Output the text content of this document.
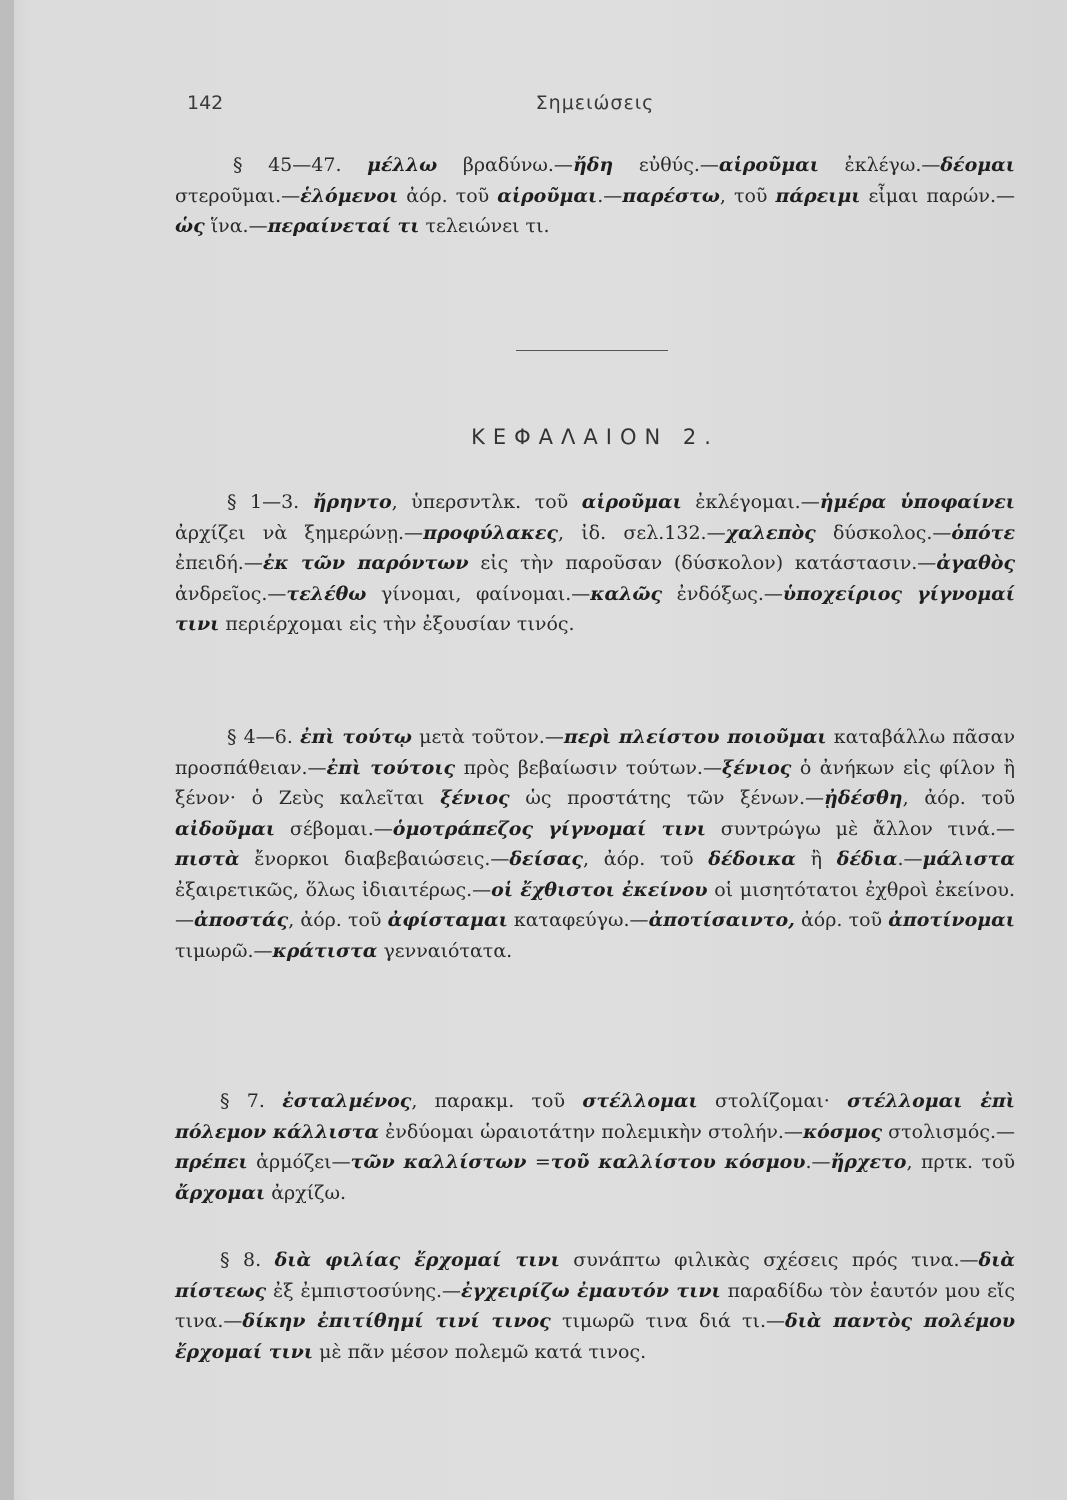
142	Σημειώσεις
§ 45—47. μέλλω βραδύνω.—ἤδη εὐθύς.—αἱροῦμαι ἐκλέγω.—δέομαι στεροῦμαι.—ἑλόμενοι ἀόρ. τοῦ αἱροῦμαι.—παρέστω, τοῦ πάρειμι εἶμαι παρών.—ὡς ἵνα.—περαίνεταί τι τελειώνει τι.
ΚΕΦΑΛΑΙΟΝ 2.
§ 1—3. ἤρηντο, ὑπερσντλκ. τοῦ αἱροῦμαι ἐκλέγομαι.—ἡμέρα ὑποφαίνει ἀρχίζει νὰ ξημερώνῃ.—προφύλακες, ἰδ. σελ.132.—χαλεπὸς δύσκολος.—ὁπότε ἐπειδή.—ἐκ τῶν παρόντων εἰς τὴν παροῦσαν (δύσκολον) κατάστασιν.—ἀγαθὸς ἀνδρεῖος.—τελέθω γίνομαι, φαίνομαι.—καλῶς ἐνδόξως.—ὑποχείριος γίγνομαί τινι περιέρχομαι εἰς τὴν ἐξουσίαν τινός.
§ 4—6. ἐπὶ τούτῳ μετὰ τοῦτον.—περὶ πλείστου ποιοῦμαι καταβάλλω πᾶσαν προσπάθειαν.—ἐπὶ τούτοις πρὸς βεβαίωσιν τούτων.—ξένιος ὁ ἀνήκων εἰς φίλον ἢ ξένον· ὁ Ζεὺς καλεῖται ξένιος ὡς προστάτης τῶν ξένων.—ᾐδέσθη, ἀόρ. τοῦ αἰδοῦμαι σέβομαι.—ὁμοτράπεζος γίγνομαί τινι συντρώγω μὲ ἄλλον τινά.—πιστὰ ἔνορκοι διαβεβαιώσεις.—δείσας, ἀόρ. τοῦ δέδοικα ἢ δέδια.—μάλιστα ἐξαιρετικῶς, ὅλως ἰδιαιτέρως.—οἱ ἔχθιστοι ἐκείνου οἱ μισητότατοι ἐχθροὶ ἐκείνου.—ἀποστάς, ἀόρ. τοῦ ἀφίσταμαι καταφεύγω.—ἀποτίσαιντο, ἀόρ. τοῦ ἀποτίνομαι τιμωρῶ.—κράτιστα γενναιότατα.
§ 7. ἐσταλμένος, παρακμ. τοῦ στέλλομαι στολίζομαι· στέλλομαι ἐπὶ πόλεμον κάλλιστα ἐνδύομαι ὡραιοτάτην πολεμικὴν στολήν.—κόσμος στολισμός.—πρέπει ἁρμόζει—τῶν καλλίστων =τοῦ καλλίστου κόσμου.—ἤρχετο, πρτκ. τοῦ ἄρχομαι ἀρχίζω.
§ 8. διὰ φιλίας ἔρχομαί τινι συνάπτω φιλικὰς σχέσεις πρός τινα.—διὰ πίστεως ἐξ ἐμπιστοσύνης.—ἐγχειρίζω ἐμαυτόν τινι παραδίδω τὸν ἑαυτόν μου εἴς τινα.—δίκην ἐπιτίθημί τινί τινος τιμωρῶ τινα διά τι.—διὰ παντὸς πολέμου ἔρχομαί τινι μὲ πᾶν μέσον πολεμῶ κατά τινος.
